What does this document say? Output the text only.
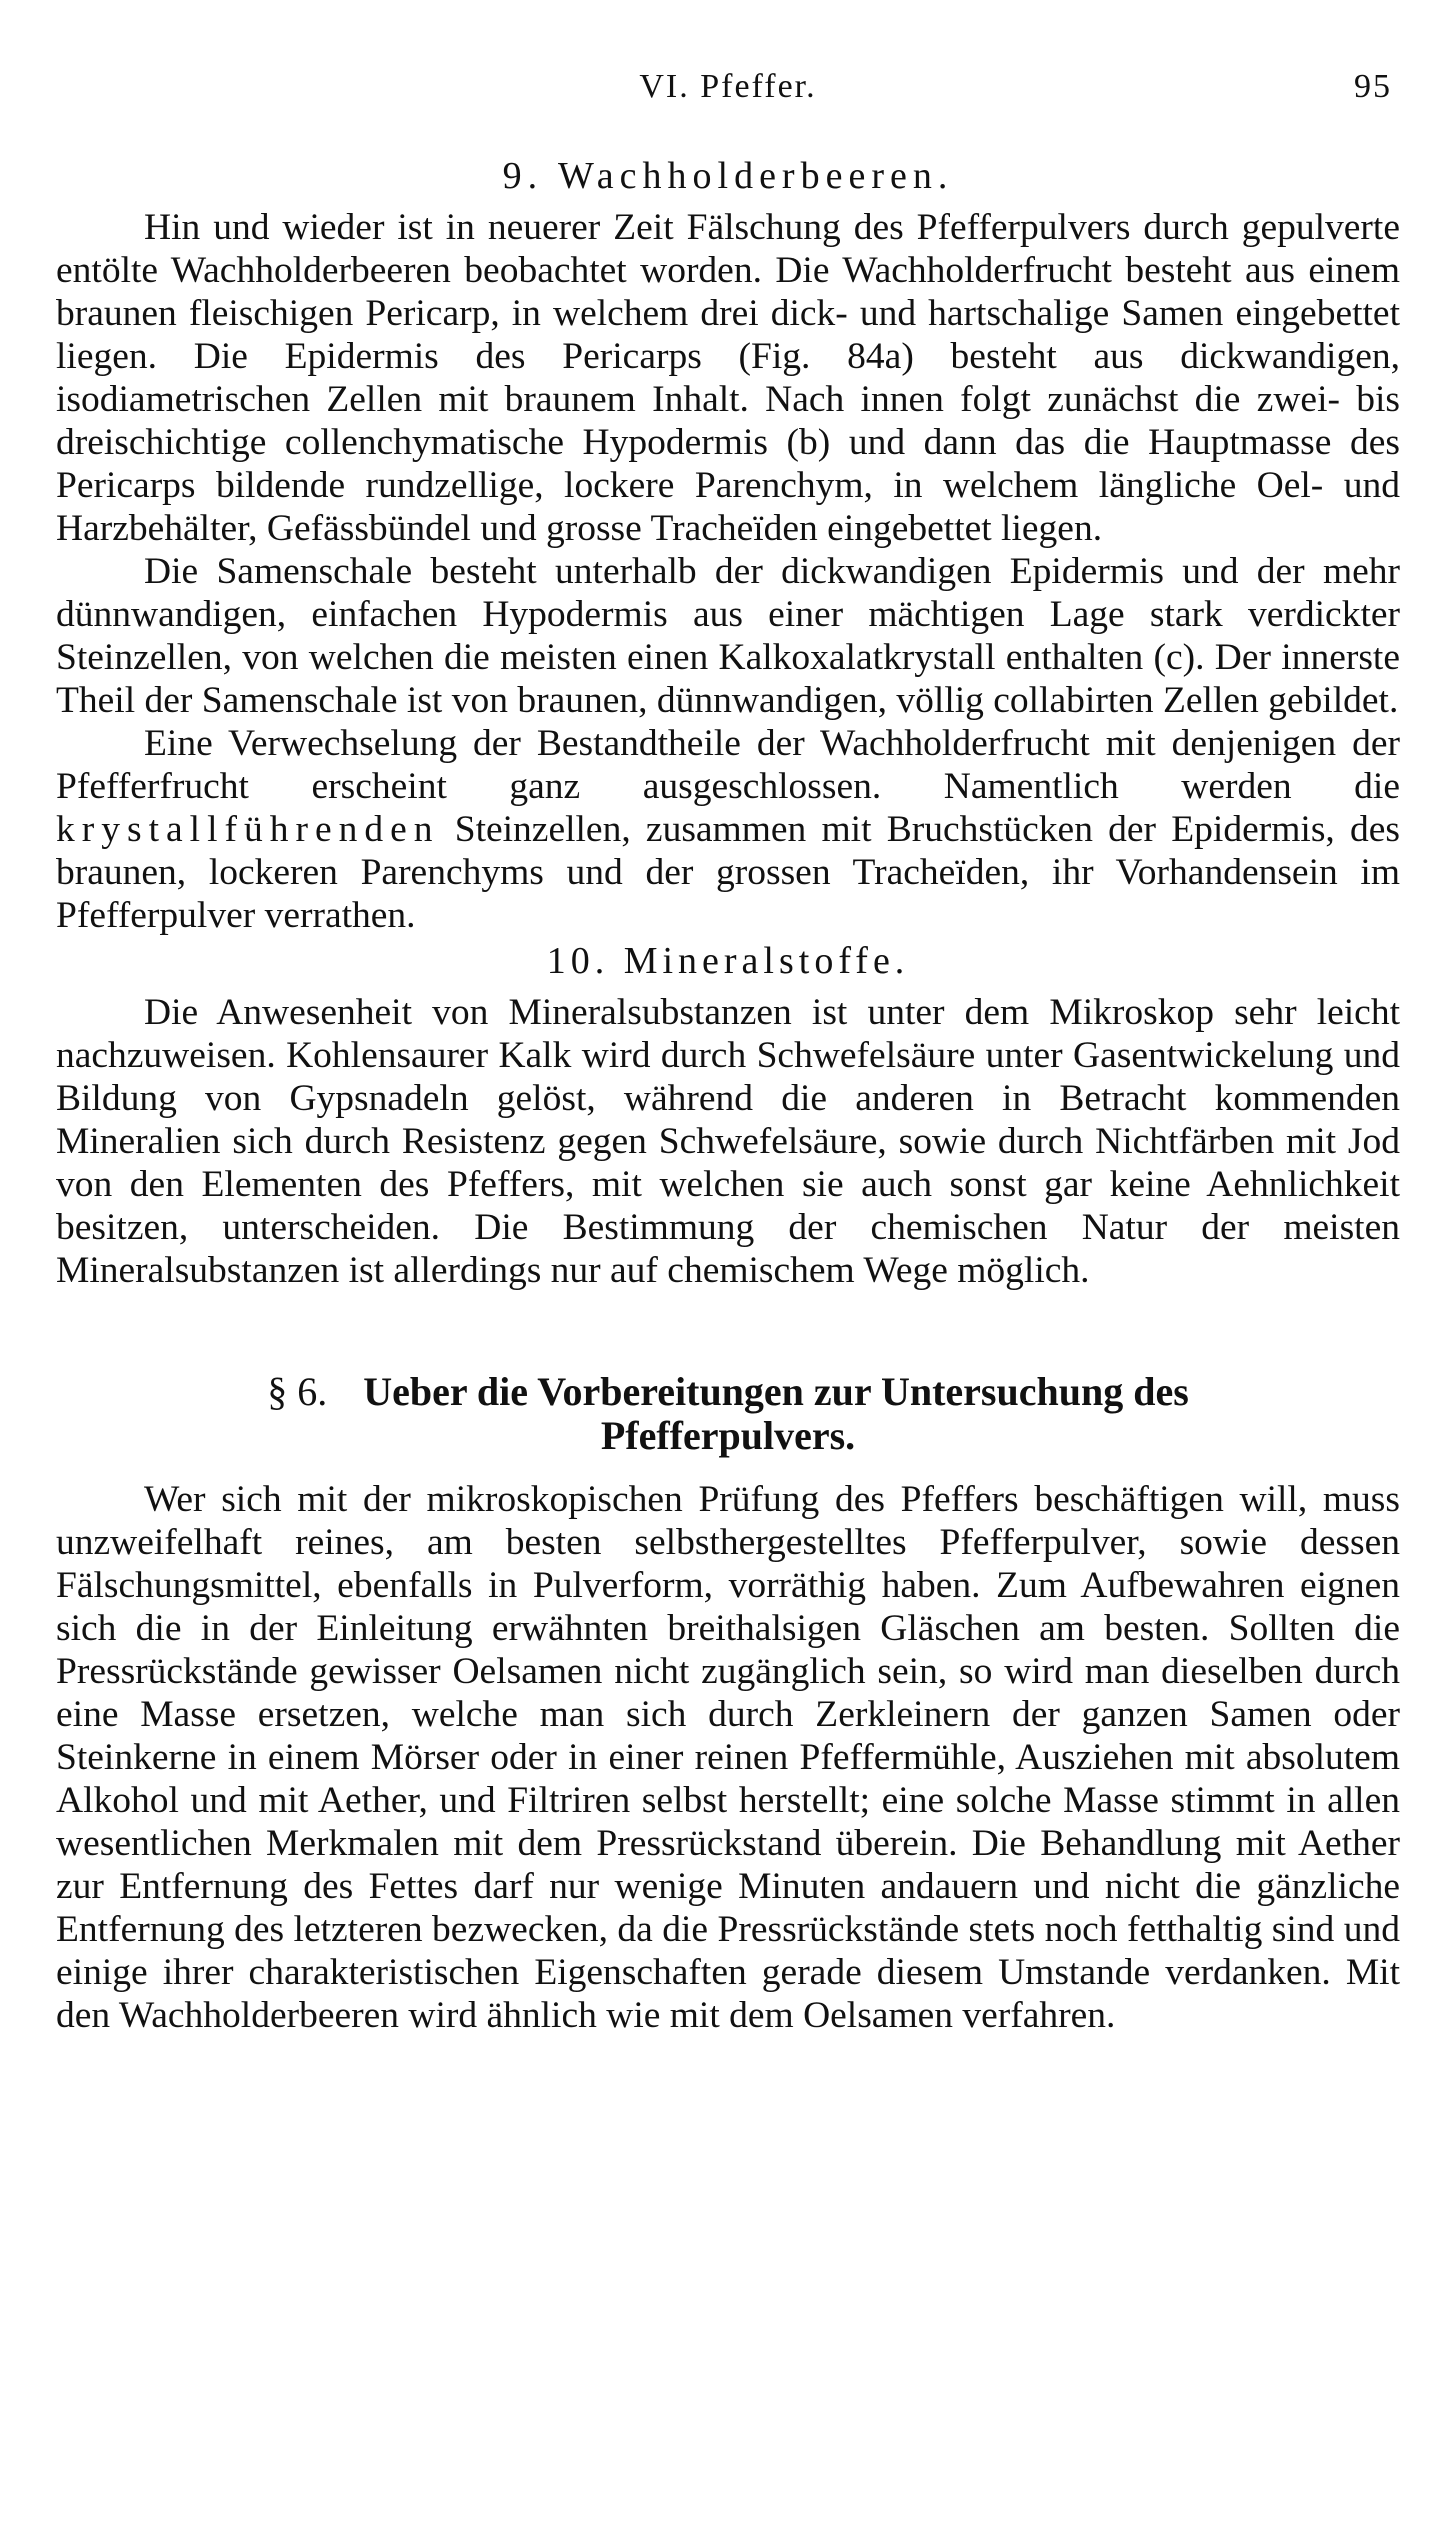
VI. Pfeffer.	95
9. Wachholderbeeren.

Hin und wieder ist in neuerer Zeit Fälschung des Pfefferpulvers durch gepulverte entölte Wachholderbeeren beobachtet worden. Die Wachholderfrucht besteht aus einem braunen fleischigen Pericarp, in welchem drei dick- und hartschalige Samen eingebettet liegen. Die Epidermis des Pericarps (Fig. 84a) besteht aus dickwandigen, isodiametrischen Zellen mit braunem Inhalt. Nach innen folgt zunächst die zwei- bis dreischichtige collenchymatische Hypodermis (b) und dann das die Hauptmasse des Pericarps bildende rundzellige, lockere Parenchym, in welchem längliche Oel- und Harzbehälter, Gefässbündel und grosse Tracheïden eingebettet liegen.

Die Samenschale besteht unterhalb der dickwandigen Epidermis und der mehr dünnwandigen, einfachen Hypodermis aus einer mächtigen Lage stark verdickter Steinzellen, von welchen die meisten einen Kalkoxalatkrystall enthalten (c). Der innerste Theil der Samenschale ist von braunen, dünnwandigen, völlig collabirten Zellen gebildet.

Eine Verwechselung der Bestandtheile der Wachholderfrucht mit denjenigen der Pfefferfrucht erscheint ganz ausgeschlossen. Namentlich werden die krystallführenden Steinzellen, zusammen mit Bruchstücken der Epidermis, des braunen, lockeren Parenchyms und der grossen Tracheïden, ihr Vorhandensein im Pfefferpulver verrathen.

10. Mineralstoffe.

Die Anwesenheit von Mineralsubstanzen ist unter dem Mikroskop sehr leicht nachzuweisen. Kohlensaurer Kalk wird durch Schwefelsäure unter Gasentwickelung und Bildung von Gypsnadeln gelöst, während die anderen in Betracht kommenden Mineralien sich durch Resistenz gegen Schwefelsäure, sowie durch Nichtfärben mit Jod von den Elementen des Pfeffers, mit welchen sie auch sonst gar keine Aehnlichkeit besitzen, unterscheiden. Die Bestimmung der chemischen Natur der meisten Mineralsubstanzen ist allerdings nur auf chemischem Wege möglich.

§ 6. Ueber die Vorbereitungen zur Untersuchung des
Pfefferpulvers.

Wer sich mit der mikroskopischen Prüfung des Pfeffers beschäftigen will, muss unzweifelhaft reines, am besten selbsthergestelltes Pfefferpulver, sowie dessen Fälschungsmittel, ebenfalls in Pulverform, vorräthig haben. Zum Aufbewahren eignen sich die in der Einleitung erwähnten breithalsigen Gläschen am besten. Sollten die Pressrückstände gewisser Oelsamen nicht zugänglich sein, so wird man dieselben durch eine Masse ersetzen, welche man sich durch Zerkleinern der ganzen Samen oder Steinkerne in einem Mörser oder in einer reinen Pfeffermühle, Ausziehen mit absolutem Alkohol und mit Aether, und Filtriren selbst herstellt; eine solche Masse stimmt in allen wesentlichen Merkmalen mit dem Pressrückstand überein. Die Behandlung mit Aether zur Entfernung des Fettes darf nur wenige Minuten andauern und nicht die gänzliche Entfernung des letzteren bezwecken, da die Pressrückstände stets noch fetthaltig sind und einige ihrer charakteristischen Eigenschaften gerade diesem Umstande verdanken. Mit den Wachholderbeeren wird ähnlich wie mit dem Oelsamen verfahren.
